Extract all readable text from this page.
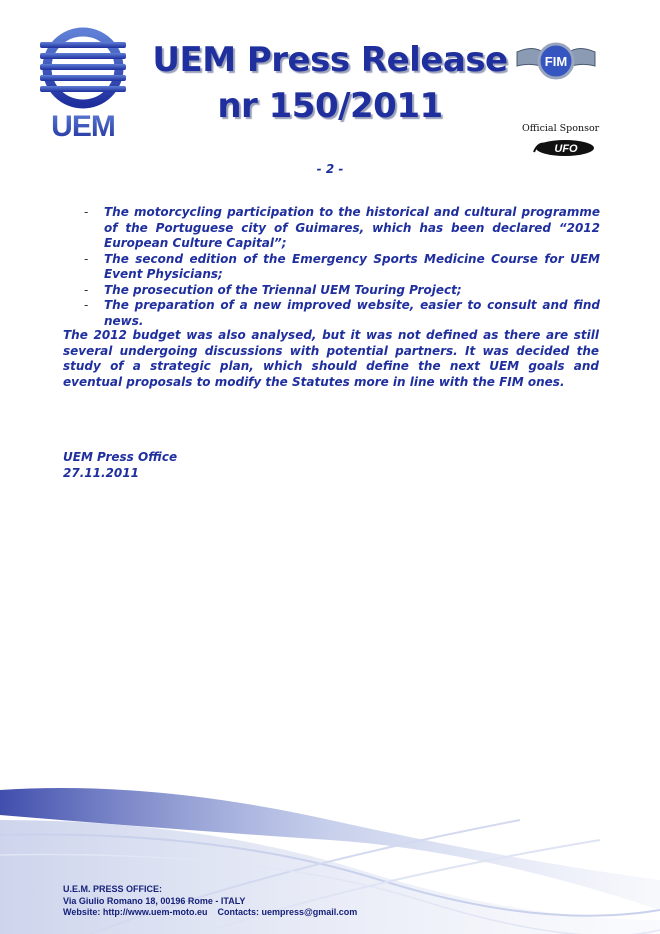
UEM
UEM Press Release
nr 150/2011
FIM
Official Sponsor
UFO
- 2 -
- The motorcycling participation to the historical and cultural programme of the Portuguese city of Guimares, which has been declared “2012 European Culture Capital”;
- The second edition of the Emergency Sports Medicine Course for UEM Event Physicians;
- The prosecution of the Triennal UEM Touring Project;
- The preparation of a new improved website, easier to consult and find news.

The 2012 budget was also analysed, but it was not defined as there are still several undergoing discussions with potential partners. It was decided the study of a strategic plan, which should define the next UEM goals and eventual proposals to modify the Statutes more in line with the FIM ones.

UEM Press Office
27.11.2011
U.E.M. PRESS OFFICE:
Via Giulio Romano 18, 00196 Rome - ITALY
Website: http://www.uem-moto.eu Contacts: uempress@gmail.com
